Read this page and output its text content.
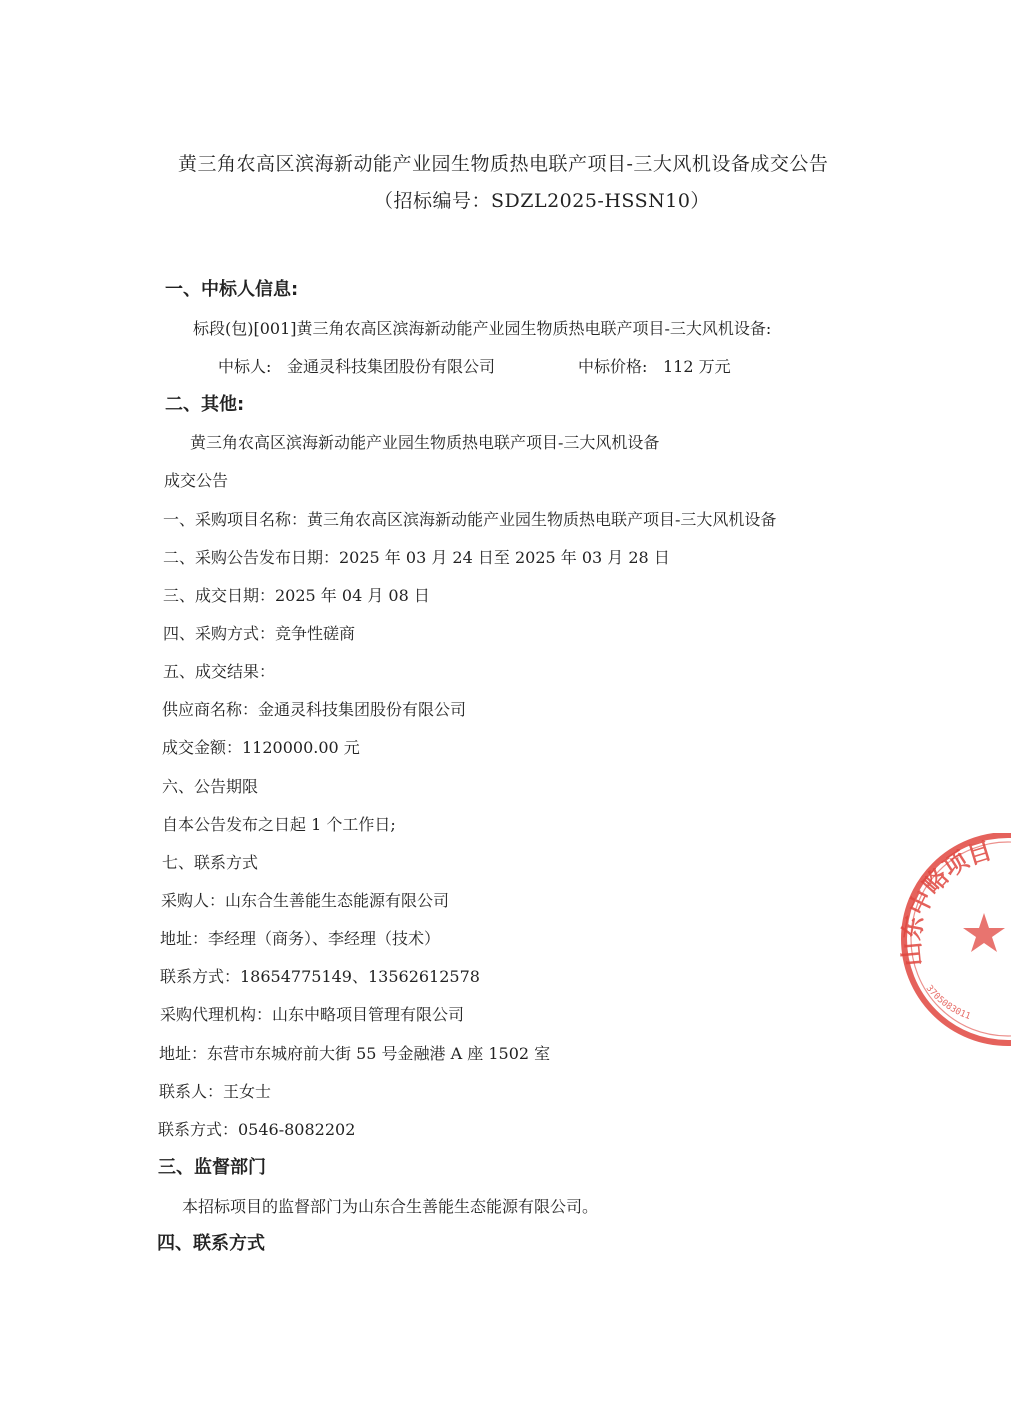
黄三角农高区滨海新动能产业园生物质热电联产项目-三大风机设备成交公告
（招标编号：SDZL2025-HSSN10）
一、中标人信息:
标段(包)[001]黄三角农高区滨海新动能产业园生物质热电联产项目-三大风机设备:
中标人: 金通灵科技集团股份有限公司	中标价格: 112 万元
二、其他:
黄三角农高区滨海新动能产业园生物质热电联产项目-三大风机设备
成交公告
一、采购项目名称：黄三角农高区滨海新动能产业园生物质热电联产项目-三大风机设备
二、采购公告发布日期：2025 年 03 月 24 日至 2025 年 03 月 28 日
三、成交日期：2025 年 04 月 08 日
四、采购方式：竞争性磋商
五、成交结果：
供应商名称：金通灵科技集团股份有限公司
成交金额：1120000.00 元
六、公告期限
自本公告发布之日起 1 个工作日;
七、联系方式
采购人：山东合生善能生态能源有限公司
地址：李经理（商务）、李经理（技术）
联系方式：18654775149、13562612578
采购代理机构：山东中略项目管理有限公司
地址：东营市东城府前大街 55 号金融港 A 座 1502 室
联系人：王女士
联系方式：0546-8082202
三、监督部门
本招标项目的监督部门为山东合生善能生态能源有限公司。
四、联系方式
山东中略项目
3705083011
